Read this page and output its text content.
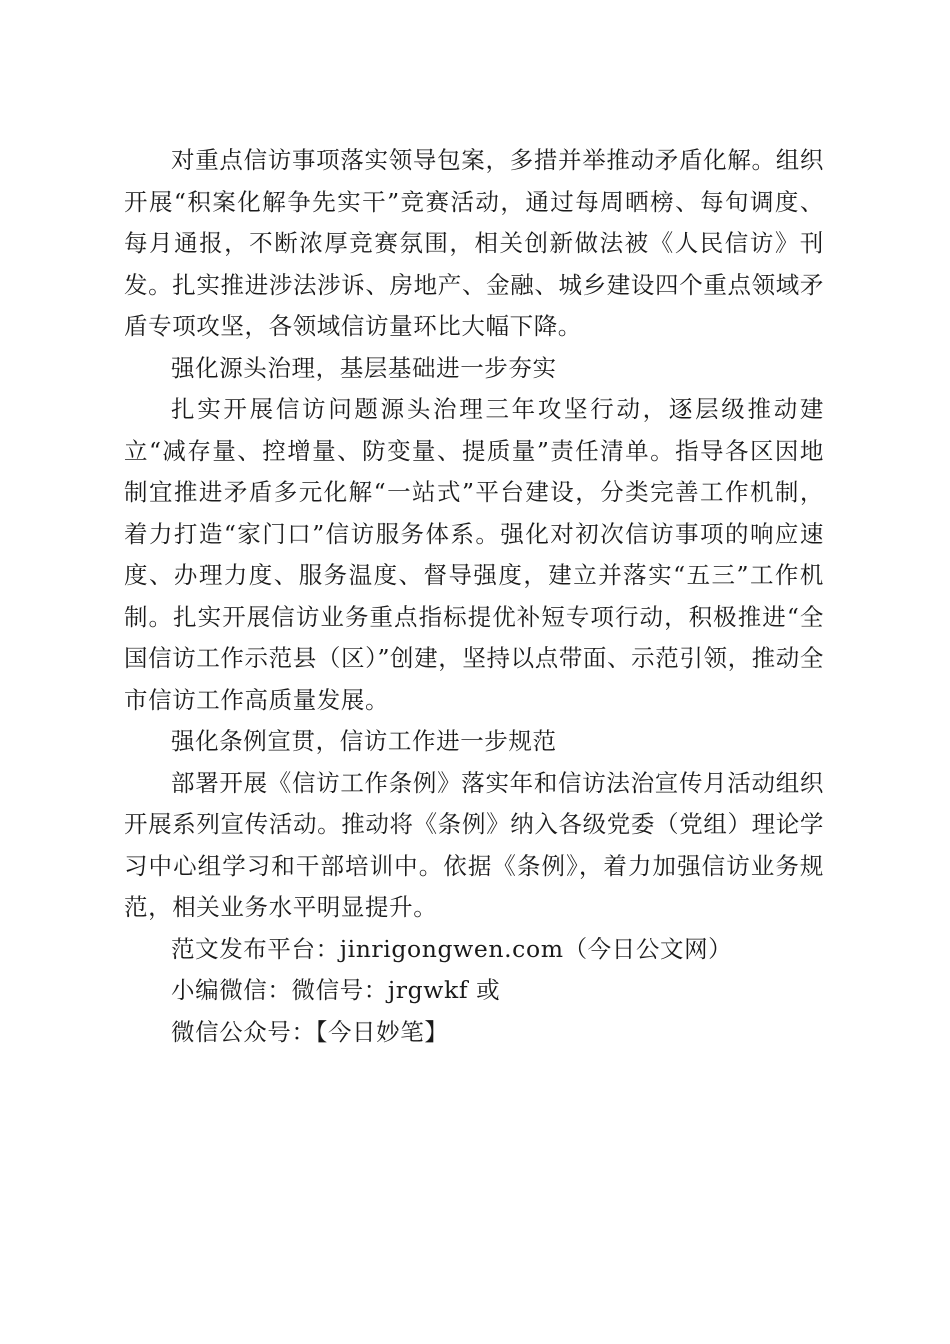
对重点信访事项落实领导包案，多措并举推动矛盾化解。组织开展“积案化解争先实干”竞赛活动，通过每周晒榜、每旬调度、每月通报，不断浓厚竞赛氛围，相关创新做法被《人民信访》刊发。扎实推进涉法涉诉、房地产、金融、城乡建设四个重点领域矛盾专项攻坚，各领域信访量环比大幅下降。

强化源头治理，基层基础进一步夯实

扎实开展信访问题源头治理三年攻坚行动，逐层级推动建立“减存量、控增量、防变量、提质量”责任清单。指导各区因地制宜推进矛盾多元化解“一站式”平台建设，分类完善工作机制，着力打造“家门口”信访服务体系。强化对初次信访事项的响应速度、办理力度、服务温度、督导强度，建立并落实“五三”工作机制。扎实开展信访业务重点指标提优补短专项行动，积极推进“全国信访工作示范县（区）”创建，坚持以点带面、示范引领，推动全市信访工作高质量发展。

强化条例宣贯，信访工作进一步规范

部署开展《信访工作条例》落实年和信访法治宣传月活动组织开展系列宣传活动。推动将《条例》纳入各级党委（党组）理论学习中心组学习和干部培训中。依据《条例》，着力加强信访业务规范，相关业务水平明显提升。

范文发布平台：jinrigongwen.com（今日公文网）

小编微信：微信号：jrgwkf 或

微信公众号：【今日妙笔】
